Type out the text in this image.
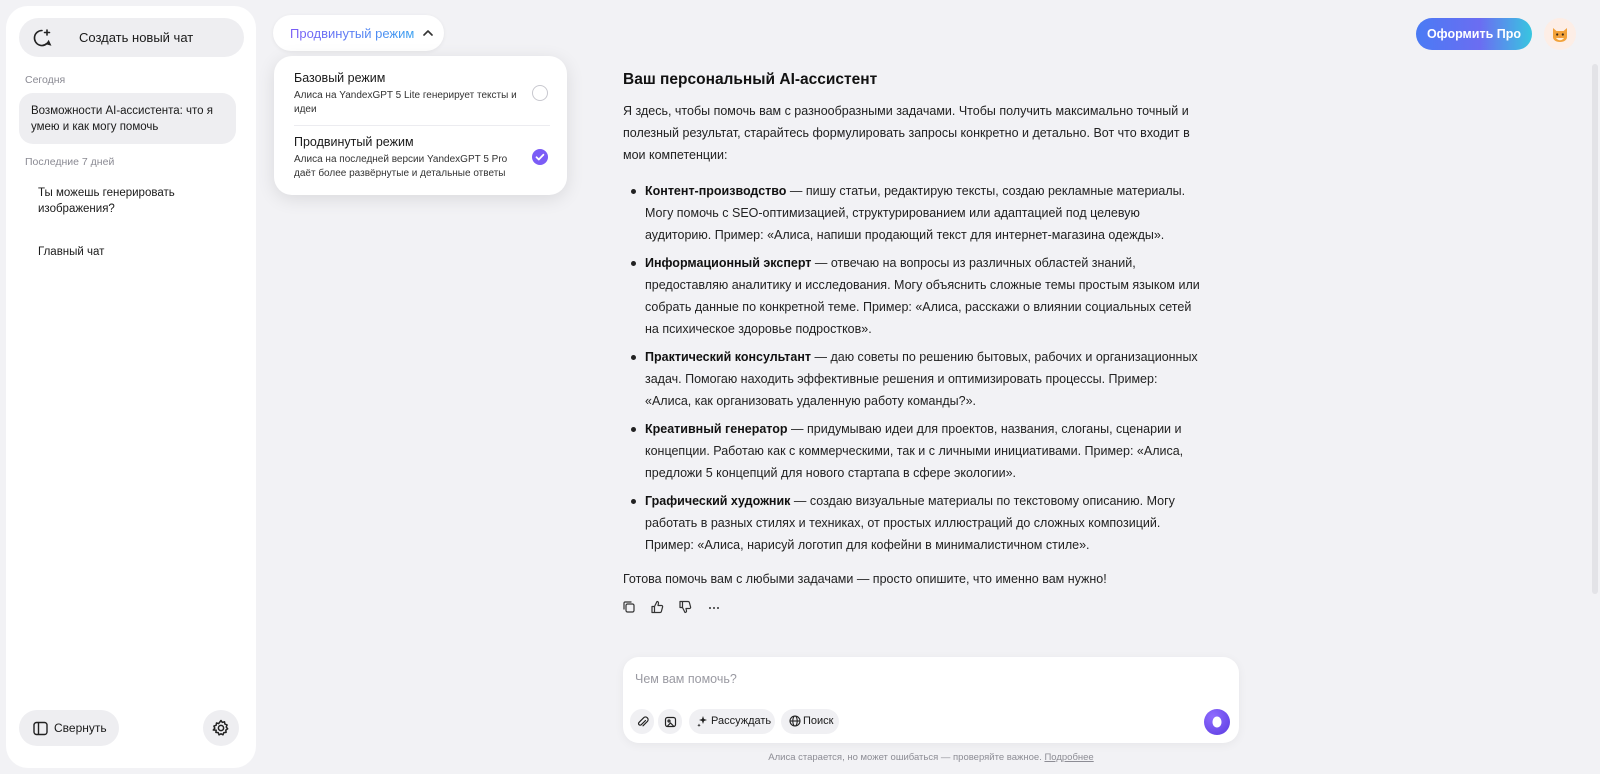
Создать новый чат
Сегодня
Возможности AI-ассистента: что я умею и как могу помочь
Последние 7 дней
Ты можешь генерировать изображения?
Главный чат
Свернуть
Продвинутый режим
Базовый режим
Алиса на YandexGPT 5 Lite генерирует тексты и идеи
Продвинутый режим
Алиса на последней версии YandexGPT 5 Pro даёт более развёрнутые и детальные ответы
Оформить Про
Ваш персональный AI-ассистент

Я здесь, чтобы помочь вам с разнообразными задачами. Чтобы получить максимально точный и полезный результат, старайтесь формулировать запросы конкретно и детально. Вот что входит в мои компетенции:

Контент-производство — пишу статьи, редактирую тексты, создаю рекламные материалы. Могу помочь с SEO-оптимизацией, структурированием или адаптацией под целевую аудиторию. Пример: «Алиса, напиши продающий текст для интернет-магазина одежды».
Информационный эксперт — отвечаю на вопросы из различных областей знаний, предоставляю аналитику и исследования. Могу объяснить сложные темы простым языком или собрать данные по конкретной теме. Пример: «Алиса, расскажи о влиянии социальных сетей на психическое здоровье подростков».
Практический консультант — даю советы по решению бытовых, рабочих и организационных задач. Помогаю находить эффективные решения и оптимизировать процессы. Пример: «Алиса, как организовать удаленную работу команды?».
Креативный генератор — придумываю идеи для проектов, названия, слоганы, сценарии и концепции. Работаю как с коммерческими, так и с личными инициативами. Пример: «Алиса, предложи 5 концепций для нового стартапа в сфере экологии».
Графический художник — создаю визуальные материалы по текстовому описанию. Могу работать в разных стилях и техниках, от простых иллюстраций до сложных композиций. Пример: «Алиса, нарисуй логотип для кофейни в минималистичном стиле».

Готова помочь вам с любыми задачами — просто опишите, что именно вам нужно!

Чем вам помочь?
Рассуждать	Поиск
Алиса старается, но может ошибаться — проверяйте важное. Подробнее
